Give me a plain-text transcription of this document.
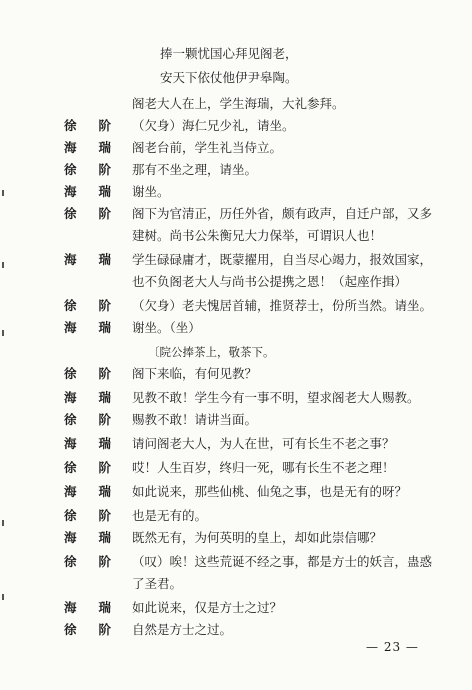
捧一颗忧国心拜见阁老，
安天下依仗他伊尹皋陶。
阁老大人在上，学生海瑞，大礼参拜。
徐阶
（欠身）海仁兄少礼，请坐。
海瑞
阁老台前，学生礼当侍立。
徐阶
那有不坐之理，请坐。
海瑞
谢坐。
徐阶
阁下为官清正，历任外省，颇有政声，自迁户部，又多
建树。尚书公朱衡兄大力保举，可谓识人也！
海瑞
学生碌碌庸才，既蒙擢用，自当尽心竭力，报效国家，
也不负阁老大人与尚书公提携之恩！（起座作揖）
徐阶
（欠身）老夫愧居首辅，推贤荐士，份所当然。请坐。
海瑞
谢坐。（坐）
〔院公捧茶上，敬茶下。
徐阶
阁下来临，有何见教？
海瑞
见教不敢！学生今有一事不明，望求阁老大人赐教。
徐阶
赐教不敢！请讲当面。
海瑞
请问阁老大人，为人在世，可有长生不老之事？
徐阶
哎！人生百岁，终归一死，哪有长生不老之理！
海瑞
如此说来，那些仙桃、仙兔之事，也是无有的呀？
徐阶
也是无有的。
海瑞
既然无有，为何英明的皇上，却如此崇信哪？
徐阶
（叹）唉！这些荒诞不经之事，都是方士的妖言，蛊惑
了圣君。
海瑞
如此说来，仅是方士之过？
徐阶
自然是方士之过。
— 23 —
